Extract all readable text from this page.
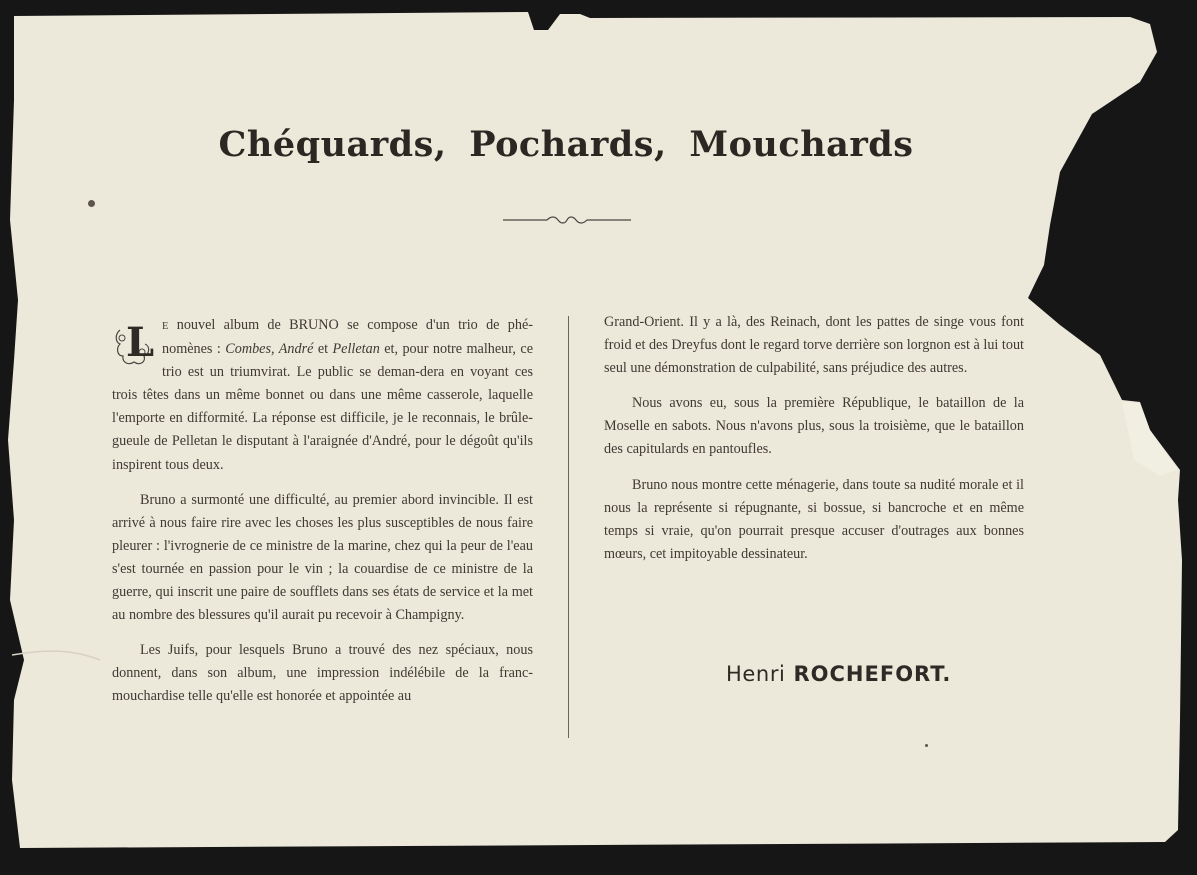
Chéquards, Pochards, Mouchards

L E nouvel album de BRUNO se compose d'un trio de phé-nomènes : Combes, André et Pelletan et, pour notre malheur, ce trio est un triumvirat. Le public se deman-dera en voyant ces trois têtes dans un même bonnet ou dans une même casserole, laquelle l'emporte en difformité. La réponse est difficile, je le reconnais, le brûle-gueule de Pelletan le disputant à l'araignée d'André, pour le dégoût qu'ils inspirent tous deux.

Bruno a surmonté une difficulté, au premier abord invincible. Il est arrivé à nous faire rire avec les choses les plus susceptibles de nous faire pleurer : l'ivrognerie de ce ministre de la marine, chez qui la peur de l'eau s'est tournée en passion pour le vin ; la couardise de ce ministre de la guerre, qui inscrit une paire de soufflets dans ses états de service et la met au nombre des blessures qu'il aurait pu recevoir à Champigny.

Les Juifs, pour lesquels Bruno a trouvé des nez spéciaux, nous donnent, dans son album, une impression indélébile de la franc-mouchardise telle qu'elle est honorée et appointée au

Grand-Orient. Il y a là, des Reinach, dont les pattes de singe vous font froid et des Dreyfus dont le regard torve derrière son lorgnon est à lui tout seul une démonstration de culpabilité, sans préjudice des autres.

Nous avons eu, sous la première République, le bataillon de la Moselle en sabots. Nous n'avons plus, sous la troisième, que le bataillon des capitulards en pantoufles.

Bruno nous montre cette ménagerie, dans toute sa nudité morale et il nous la représente si répugnante, si bossue, si bancroche et en même temps si vraie, qu'on pourrait presque accuser d'outrages aux bonnes mœurs, cet impitoyable dessinateur.

Henri ROCHEFORT.
